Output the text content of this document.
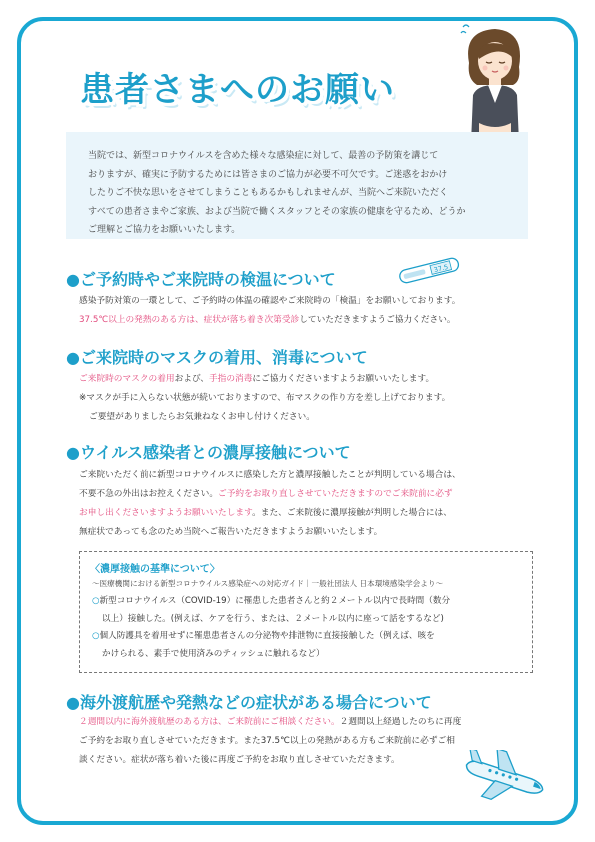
患者さまへのお願い
当院では、新型コロナウイルスを含めた様々な感染症に対して、最善の予防策を講じて
おりますが、確実に予防するためには皆さまのご協力が必要不可欠です。ご迷惑をおかけ
したりご不快な思いをさせてしまうこともあるかもしれませんが、当院へご来院いただく
すべての患者さまやご家族、および当院で働くスタッフとその家族の健康を守るため、どうか
ご理解とご協力をお願いいたします。
●ご予約時やご来院時の検温について
37.5
感染予防対策の一環として、ご予約時の体温の確認やご来院時の「検温」をお願いしております。
37.5℃以上の発熱のある方は、症状が落ち着き次第受診していただきますようご協力ください。
●ご来院時のマスクの着用、消毒について
ご来院時のマスクの着用および、手指の消毒にご協力くださいますようお願いいたします。
※マスクが手に入らない状態が続いておりますので、布マスクの作り方を差し上げております。
ご要望がありましたらお気兼ねなくお申し付けください。
●ウイルス感染者との濃厚接触について
ご来院いただく前に新型コロナウイルスに感染した方と濃厚接触したことが判明している場合は、
不要不急の外出はお控えください。ご予約をお取り直しさせていただきますのでご来院前に必ず
お申し出くださいますようお願いいたします。また、ご来院後に濃厚接触が判明した場合には、
無症状であっても念のため当院へご報告いただきますようお願いいたします。
〈濃厚接触の基準について〉
～医療機関における新型コロナウイルス感染症への対応ガイド｜一般社団法人 日本環境感染学会より～
○新型コロナウイルス（COVID-19）に罹患した患者さんと約２メートル以内で長時間（数分
以上）接触した。(例えば、ケアを行う、または、２メートル以内に座って話をするなど)
○個人防護具を着用せずに罹患患者さんの分泌物や排泄物に直接接触した（例えば、咳を
かけられる、素手で使用済みのティッシュに触れるなど）
●海外渡航歴や発熱などの症状がある場合について
２週間以内に海外渡航歴のある方は、ご来院前にご相談ください。２週間以上経過したのちに再度
ご予約をお取り直しさせていただきます。また37.5℃以上の発熱がある方もご来院前に必ずご相
談ください。症状が落ち着いた後に再度ご予約をお取り直しさせていただきます。
